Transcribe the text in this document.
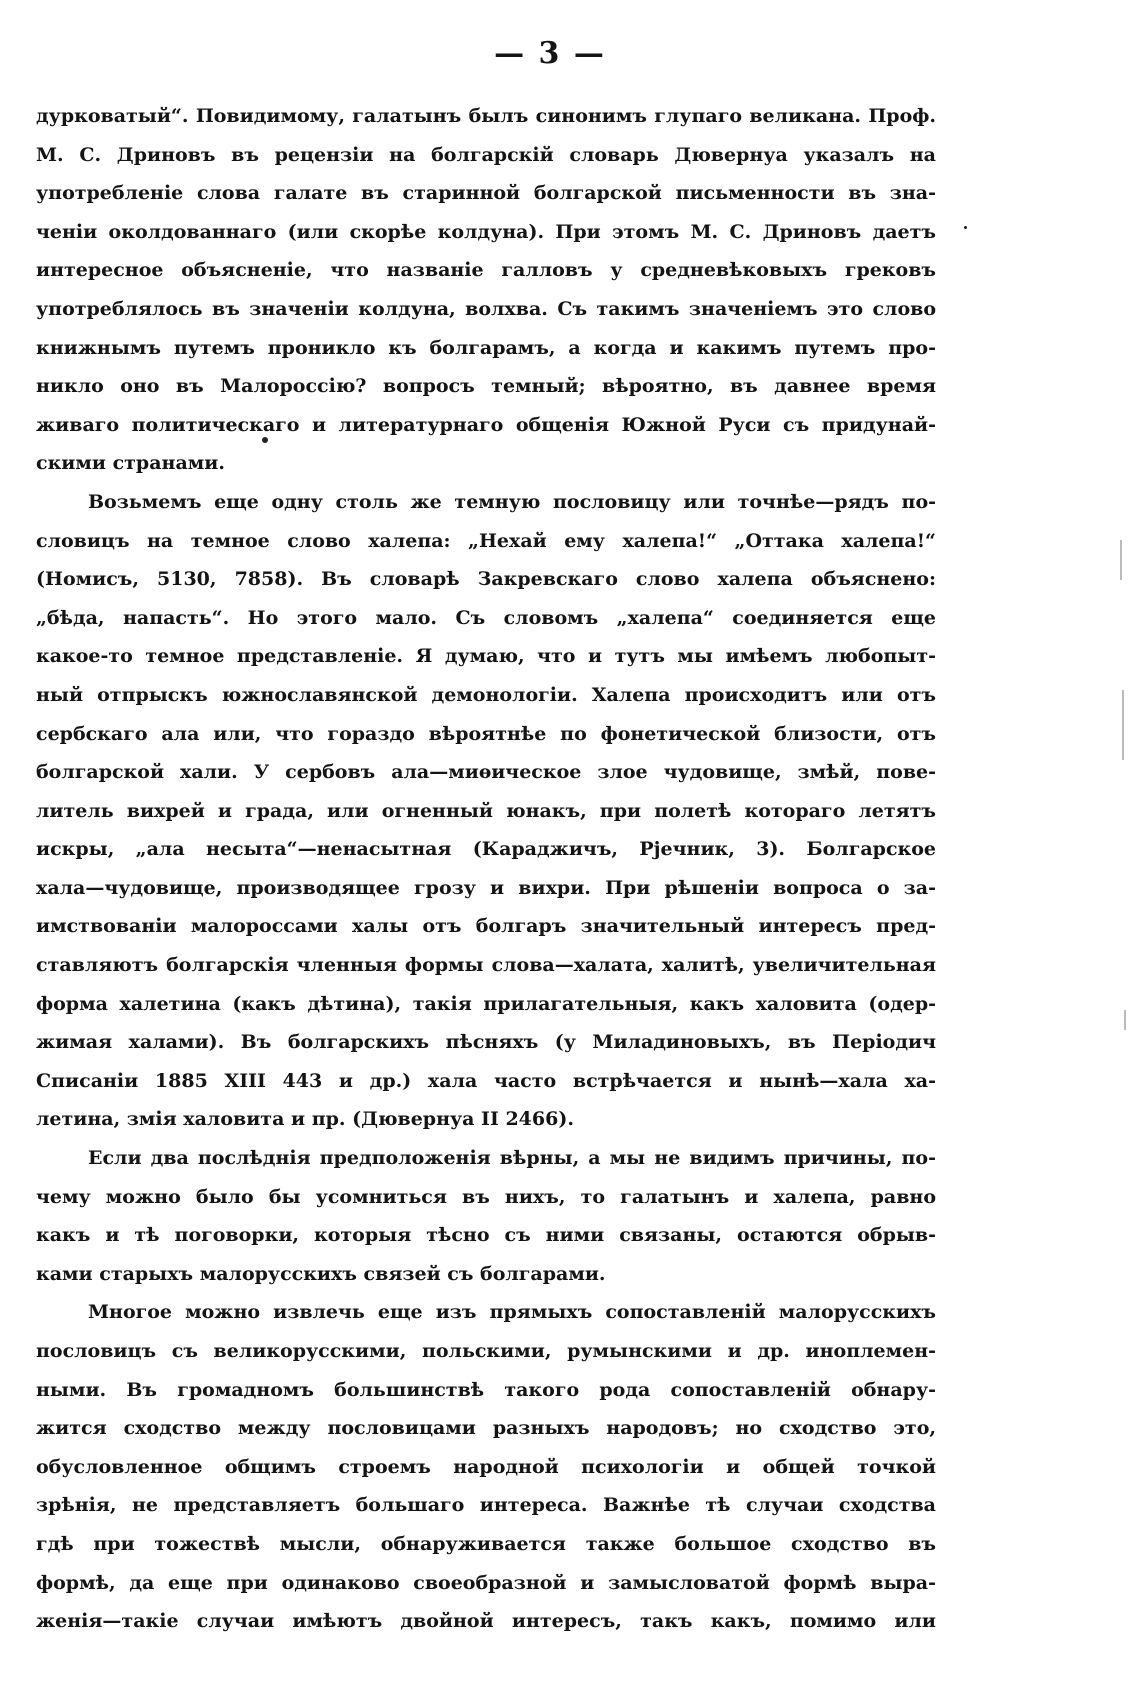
— 3 —
дурковатый“. Повидимому, галатынъ былъ синонимъ глупаго великана. Проф.
М. С. Дриновъ въ рецензіи на болгарскій словарь Дювернуа указалъ на
употребленіе слова галате въ старинной болгарской письменности въ зна-
ченіи околдованнаго (или скорѣе колдуна). При этомъ М. С. Дриновъ даетъ
интересное объясненіе, что названіе галловъ у средневѣковыхъ грековъ
употреблялось въ значеніи колдуна, волхва. Съ такимъ значеніемъ это слово
книжнымъ путемъ проникло къ болгарамъ, а когда и какимъ путемъ про-
никло оно въ Малороссію? вопросъ темный; вѣроятно, въ давнее время
живаго политическаго и литературнаго общенія Южной Руси съ придунай-
скими странами.
Возьмемъ еще одну столь же темную пословицу или точнѣе—рядъ по-
словицъ на темное слово халепа: „Нехай ему халепа!“ „Оттака халепа!“
(Номисъ, 5130, 7858). Въ словарѣ Закревскаго слово халепа объяснено:
„бѣда, напасть“. Но этого мало. Съ словомъ „халепа“ соединяется еще
какое-то темное представленіе. Я думаю, что и тутъ мы имѣемъ любопыт-
ный отпрыскъ южнославянской демонологіи. Халепа происходитъ или отъ
сербскаго ала или, что гораздо вѣроятнѣе по фонетической близости, отъ
болгарской хали. У сербовъ ала—миѳическое злое чудовище, змѣй, пове-
литель вихрей и града, или огненный юнакъ, при полетѣ котораго летятъ
искры, „ала несыта“—ненасытная (Караджичъ, Рјечник, 3). Болгарское
хала—чудовище, производящее грозу и вихри. При рѣшеніи вопроса о за-
имствованіи малороссами халы отъ болгаръ значительный интересъ пред-
ставляютъ болгарскія членныя формы слова—халата, халитѣ, увеличительная
форма халетина (какъ дѣтина), такія прилагательныя, какъ халовита (одер-
жимая халами). Въ болгарскихъ пѣсняхъ (у Миладиновыхъ, въ Періодич
Списаніи 1885 XIII 443 и др.) хала часто встрѣчается и нынѣ—хала ха-
летина, змія халовита и пр. (Дювернуа II 2466).
Если два послѣднія предположенія вѣрны, а мы не видимъ причины, по-
чему можно было бы усомниться въ нихъ, то галатынъ и халепа, равно
какъ и тѣ поговорки, которыя тѣсно съ ними связаны, остаются обрыв-
ками старыхъ малорусскихъ связей съ болгарами.
Многое можно извлечь еще изъ прямыхъ сопоставленій малорусскихъ
пословицъ съ великорусскими, польскими, румынскими и др. иноплемен-
ными. Въ громадномъ большинствѣ такого рода сопоставленій обнару-
жится сходство между пословицами разныхъ народовъ; но сходство это,
обусловленное общимъ строемъ народной психологіи и общей точкой
зрѣнія, не представляетъ большаго интереса. Важнѣе тѣ случаи сходства
гдѣ при тожествѣ мысли, обнаруживается также большое сходство въ
формѣ, да еще при одинаково своеобразной и замысловатой формѣ выра-
женія—такіе случаи имѣютъ двойной интересъ, такъ какъ, помимо или
